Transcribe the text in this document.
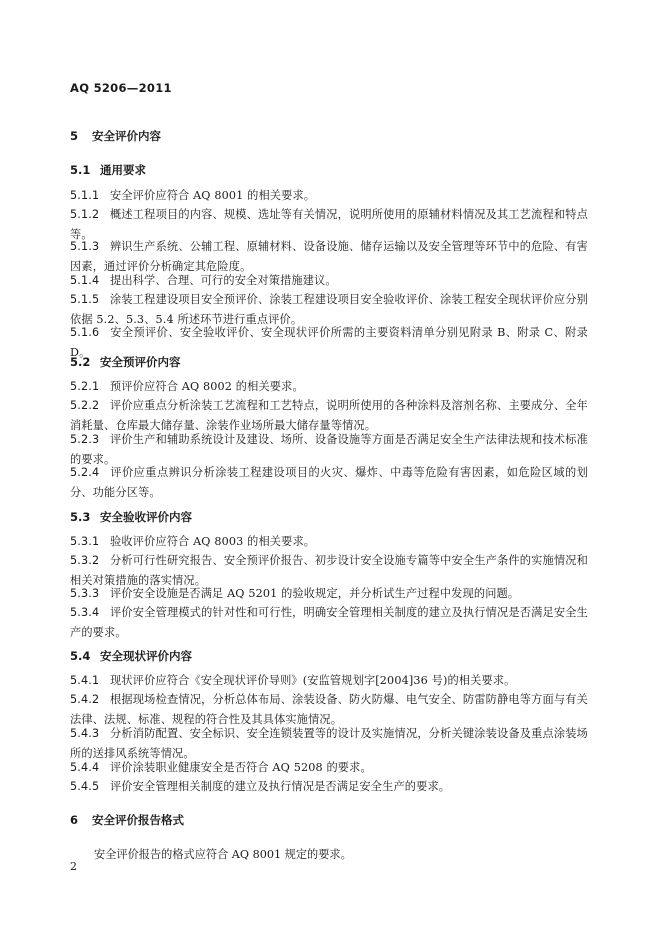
AQ 5206—2011
5 安全评价内容
5.1 通用要求
5.1.1 安全评价应符合 AQ 8001 的相关要求。
5.1.2 概述工程项目的内容、规模、选址等有关情况，说明所使用的原辅材料情况及其工艺流程和特点等。
5.1.3 辨识生产系统、公辅工程、原辅材料、设备设施、储存运输以及安全管理等环节中的危险、有害因素，通过评价分析确定其危险度。
5.1.4 提出科学、合理、可行的安全对策措施建议。
5.1.5 涂装工程建设项目安全预评价、涂装工程建设项目安全验收评价、涂装工程安全现状评价应分别依据 5.2、5.3、5.4 所述环节进行重点评价。
5.1.6 安全预评价、安全验收评价、安全现状评价所需的主要资料清单分别见附录 B、附录 C、附录 D。
5.2 安全预评价内容
5.2.1 预评价应符合 AQ 8002 的相关要求。
5.2.2 评价应重点分析涂装工艺流程和工艺特点，说明所使用的各种涂料及溶剂名称、主要成分、全年消耗量、仓库最大储存量、涂装作业场所最大储存量等情况。
5.2.3 评价生产和辅助系统设计及建设、场所、设备设施等方面是否满足安全生产法律法规和技术标准的要求。
5.2.4 评价应重点辨识分析涂装工程建设项目的火灾、爆炸、中毒等危险有害因素，如危险区域的划分、功能分区等。
5.3 安全验收评价内容
5.3.1 验收评价应符合 AQ 8003 的相关要求。
5.3.2 分析可行性研究报告、安全预评价报告、初步设计安全设施专篇等中安全生产条件的实施情况和相关对策措施的落实情况。
5.3.3 评价安全设施是否满足 AQ 5201 的验收规定，并分析试生产过程中发现的问题。
5.3.4 评价安全管理模式的针对性和可行性，明确安全管理相关制度的建立及执行情况是否满足安全生产的要求。
5.4 安全现状评价内容
5.4.1 现状评价应符合《安全现状评价导则》(安监管规划字[2004]36 号)的相关要求。
5.4.2 根据现场检查情况，分析总体布局、涂装设备、防火防爆、电气安全、防雷防静电等方面与有关法律、法规、标准、规程的符合性及其具体实施情况。
5.4.3 分析消防配置、安全标识、安全连锁装置等的设计及实施情况，分析关键涂装设备及重点涂装场所的送排风系统等情况。
5.4.4 评价涂装职业健康安全是否符合 AQ 5208 的要求。
5.4.5 评价安全管理相关制度的建立及执行情况是否满足安全生产的要求。
6 安全评价报告格式
安全评价报告的格式应符合 AQ 8001 规定的要求。
2
